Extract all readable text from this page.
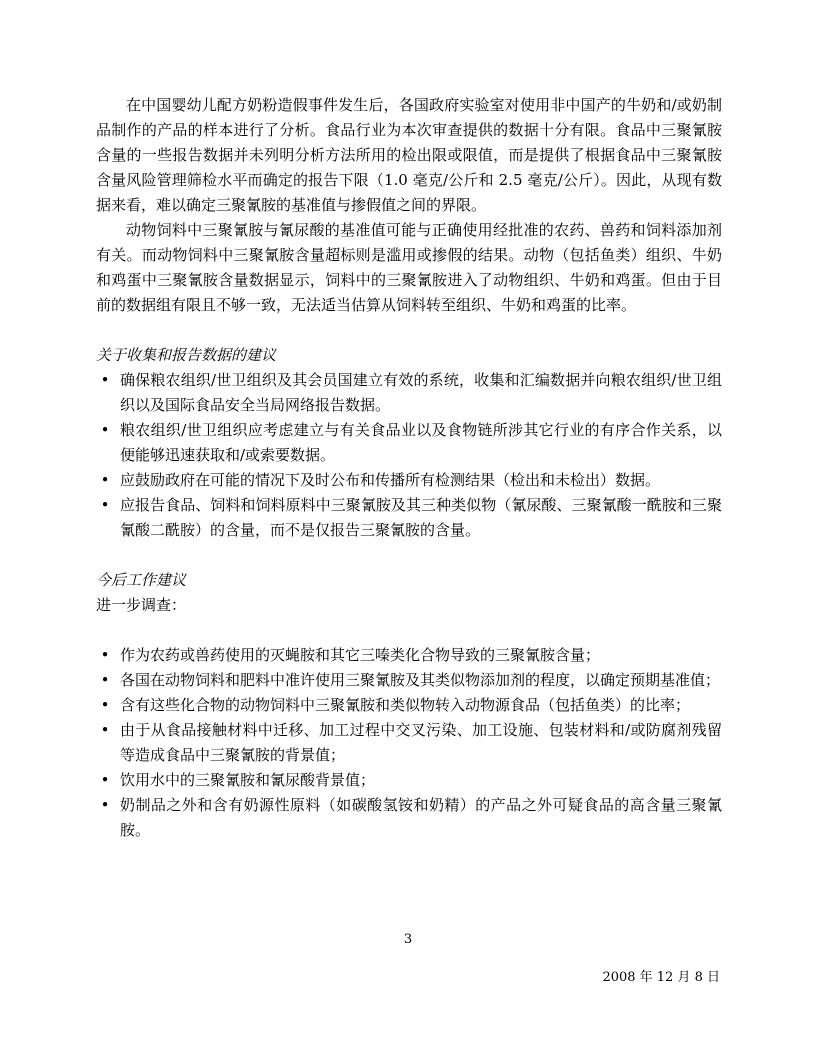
在中国婴幼儿配方奶粉造假事件发生后，各国政府实验室对使用非中国产的牛奶和/或奶制品制作的产品的样本进行了分析。食品行业为本次审查提供的数据十分有限。食品中三聚氰胺含量的一些报告数据并未列明分析方法所用的检出限或限值，而是提供了根据食品中三聚氰胺含量风险管理筛检水平而确定的报告下限（1.0 毫克/公斤和 2.5 毫克/公斤）。因此，从现有数据来看，难以确定三聚氰胺的基准值与掺假值之间的界限。

动物饲料中三聚氰胺与氰尿酸的基准值可能与正确使用经批准的农药、兽药和饲料添加剂有关。而动物饲料中三聚氰胺含量超标则是滥用或掺假的结果。动物（包括鱼类）组织、牛奶和鸡蛋中三聚氰胺含量数据显示，饲料中的三聚氰胺进入了动物组织、牛奶和鸡蛋。但由于目前的数据组有限且不够一致，无法适当估算从饲料转至组织、牛奶和鸡蛋的比率。

关于收集和报告数据的建议

• 确保粮农组织/世卫组织及其会员国建立有效的系统，收集和汇编数据并向粮农组织/世卫组织以及国际食品安全当局网络报告数据。
• 粮农组织/世卫组织应考虑建立与有关食品业以及食物链所涉其它行业的有序合作关系，以便能够迅速获取和/或索要数据。
• 应鼓励政府在可能的情况下及时公布和传播所有检测结果（检出和未检出）数据。
• 应报告食品、饲料和饲料原料中三聚氰胺及其三种类似物（氰尿酸、三聚氰酸一酰胺和三聚氰酸二酰胺）的含量，而不是仅报告三聚氰胺的含量。

今后工作建议

进一步调查：

• 作为农药或兽药使用的灭蝇胺和其它三嗪类化合物导致的三聚氰胺含量；
• 各国在动物饲料和肥料中准许使用三聚氰胺及其类似物添加剂的程度，以确定预期基准值；
• 含有这些化合物的动物饲料中三聚氰胺和类似物转入动物源食品（包括鱼类）的比率；
• 由于从食品接触材料中迁移、加工过程中交叉污染、加工设施、包装材料和/或防腐剂残留等造成食品中三聚氰胺的背景值；
• 饮用水中的三聚氰胺和氰尿酸背景值；
• 奶制品之外和含有奶源性原料（如碳酸氢铵和奶精）的产品之外可疑食品的高含量三聚氰胺。
3
2008 年 12 月 8 日
